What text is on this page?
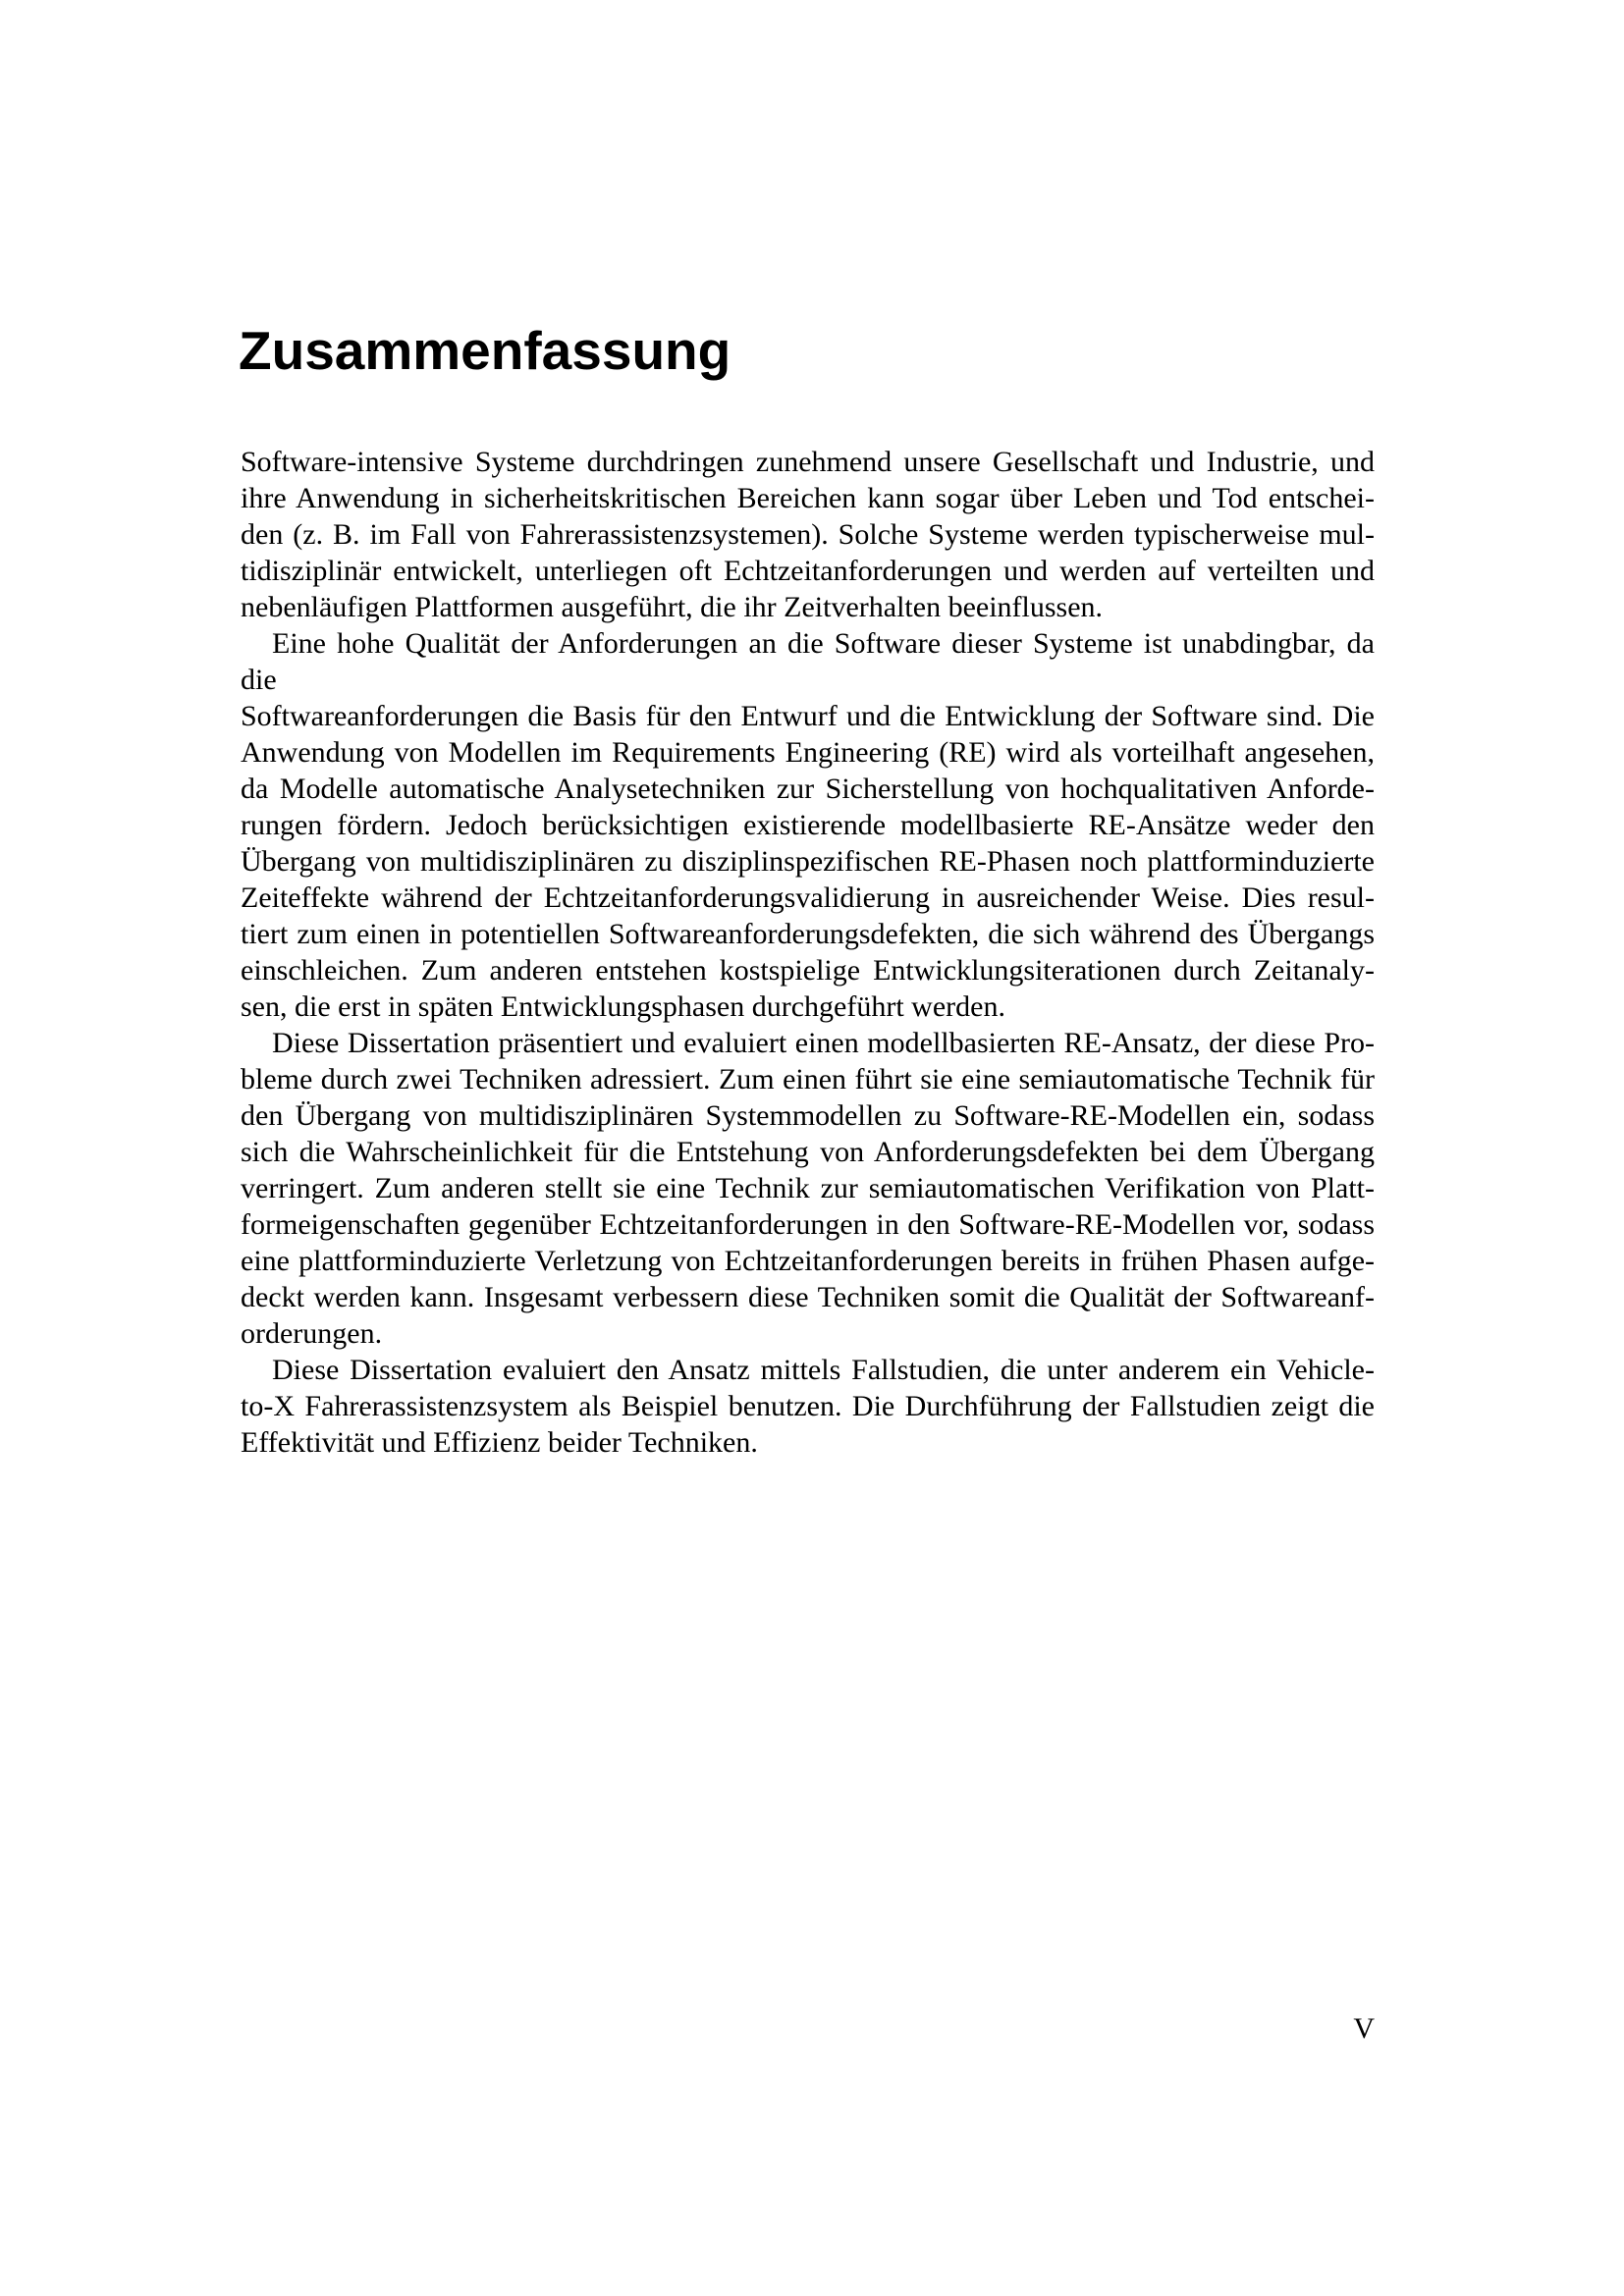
Zusammenfassung
Software-intensive Systeme durchdringen zunehmend unsere Gesellschaft und Industrie, und
ihre Anwendung in sicherheitskritischen Bereichen kann sogar über Leben und Tod entschei-
den (z. B. im Fall von Fahrerassistenzsystemen). Solche Systeme werden typischerweise mul-
tidisziplinär entwickelt, unterliegen oft Echtzeitanforderungen und werden auf verteilten und
nebenläufigen Plattformen ausgeführt, die ihr Zeitverhalten beeinflussen.
Eine hohe Qualität der Anforderungen an die Software dieser Systeme ist unabdingbar, da die
Softwareanforderungen die Basis für den Entwurf und die Entwicklung der Software sind. Die
Anwendung von Modellen im Requirements Engineering (RE) wird als vorteilhaft angesehen,
da Modelle automatische Analysetechniken zur Sicherstellung von hochqualitativen Anforde-
rungen fördern. Jedoch berücksichtigen existierende modellbasierte RE-Ansätze weder den
Übergang von multidisziplinären zu disziplinspezifischen RE-Phasen noch plattforminduzierte
Zeiteffekte während der Echtzeitanforderungsvalidierung in ausreichender Weise. Dies resul-
tiert zum einen in potentiellen Softwareanforderungsdefekten, die sich während des Übergangs
einschleichen. Zum anderen entstehen kostspielige Entwicklungsiterationen durch Zeitanaly-
sen, die erst in späten Entwicklungsphasen durchgeführt werden.
Diese Dissertation präsentiert und evaluiert einen modellbasierten RE-Ansatz, der diese Pro-
bleme durch zwei Techniken adressiert. Zum einen führt sie eine semiautomatische Technik für
den Übergang von multidisziplinären Systemmodellen zu Software-RE-Modellen ein, sodass
sich die Wahrscheinlichkeit für die Entstehung von Anforderungsdefekten bei dem Übergang
verringert. Zum anderen stellt sie eine Technik zur semiautomatischen Verifikation von Platt-
formeigenschaften gegenüber Echtzeitanforderungen in den Software-RE-Modellen vor, sodass
eine plattforminduzierte Verletzung von Echtzeitanforderungen bereits in frühen Phasen aufge-
deckt werden kann. Insgesamt verbessern diese Techniken somit die Qualität der Softwareanf-
orderungen.
Diese Dissertation evaluiert den Ansatz mittels Fallstudien, die unter anderem ein Vehicle-
to-X Fahrerassistenzsystem als Beispiel benutzen. Die Durchführung der Fallstudien zeigt die
Effektivität und Effizienz beider Techniken.
V
